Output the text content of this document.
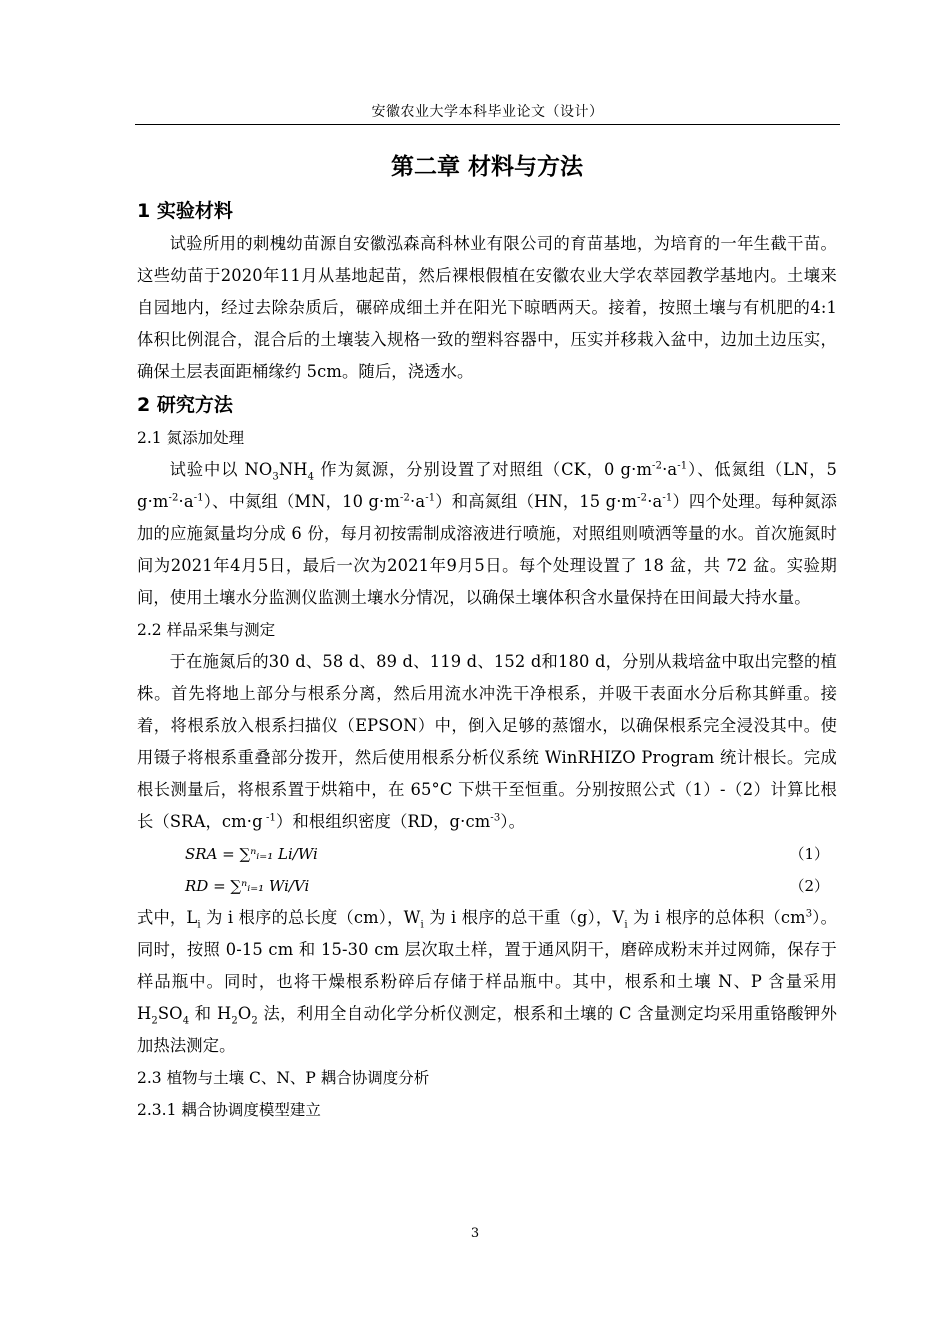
安徽农业大学本科毕业论文（设计）
第二章 材料与方法
1 实验材料

试验所用的刺槐幼苗源自安徽泓森高科林业有限公司的育苗基地，为培育的一年生截干苗。这些幼苗于2020年11月从基地起苗，然后裸根假植在安徽农业大学农萃园教学基地内。土壤来自园地内，经过去除杂质后，碾碎成细土并在阳光下晾晒两天。接着，按照土壤与有机肥的4:1体积比例混合，混合后的土壤装入规格一致的塑料容器中，压实并移栽入盆中，边加土边压实，确保土层表面距桶缘约 5cm。随后，浇透水。

2 研究方法
2.1 氮添加处理

试验中以 $NO_3NH_4$ 作为氮源，分别设置了对照组（CK，0 $g\cdot m^{-2}\cdot a^{-1}$）、低氮组（LN，5 $g\cdot m^{-2}\cdot a^{-1}$）、中氮组（MN，10 $g\cdot m^{-2}\cdot a^{-1}$）和高氮组（HN，15 $g\cdot m^{-2}\cdot a^{-1}$）四个处理。每种氮添加的应施氮量均分成 6 份，每月初按需制成溶液进行喷施，对照组则喷洒等量的水。首次施氮时间为2021年4月5日，最后一次为2021年9月5日。每个处理设置了 18 盆，共 72 盆。实验期间，使用土壤水分监测仪监测土壤水分情况，以确保土壤体积含水量保持在田间最大持水量。

2.2 样品采集与测定

于在施氮后的30 d、58 d、89 d、119 d、152 d和180 d，分别从栽培盆中取出完整的植株。首先将地上部分与根系分离，然后用流水冲洗干净根系，并吸干表面水分后称其鲜重。接着，将根系放入根系扫描仪（EPSON）中，倒入足够的蒸馏水，以确保根系完全浸没其中。使用镊子将根系重叠部分拨开，然后使用根系分析仪系统 WinRHIZO Program 统计根长。完成根长测量后，将根系置于烘箱中，在 65°C 下烘干至恒重。分别按照公式（1）-（2）计算比根长（SRA，cm·g $^{-1}$）和根组织密度（RD，$g\cdot cm^{-3}$）。

SRA = ∑ⁿᵢ₌₁ Li/Wi	（1）
RD = ∑ⁿᵢ₌₁ Wi/Vi	（2）

式中，$L_i$ 为 i 根序的总长度（cm），$W_i$ 为 i 根序的总干重（g），$V_i$ 为 i 根序的总体积$(cm^3)$。同时，按照 0-15 cm 和 15-30 cm 层次取土样，置于通风阴干，磨碎成粉末并过网筛，保存于样品瓶中。同时，也将干燥根系粉碎后存储于样品瓶中。其中，根系和土壤 N、P 含量采用 $H_2SO_4$ 和 $H_2O_2$ 法，利用全自动化学分析仪测定，根系和土壤的 C 含量测定均采用重铬酸钾外加热法测定。

2.3 植物与土壤 C、N、P 耦合协调度分析
2.3.1 耦合协调度模型建立
3
